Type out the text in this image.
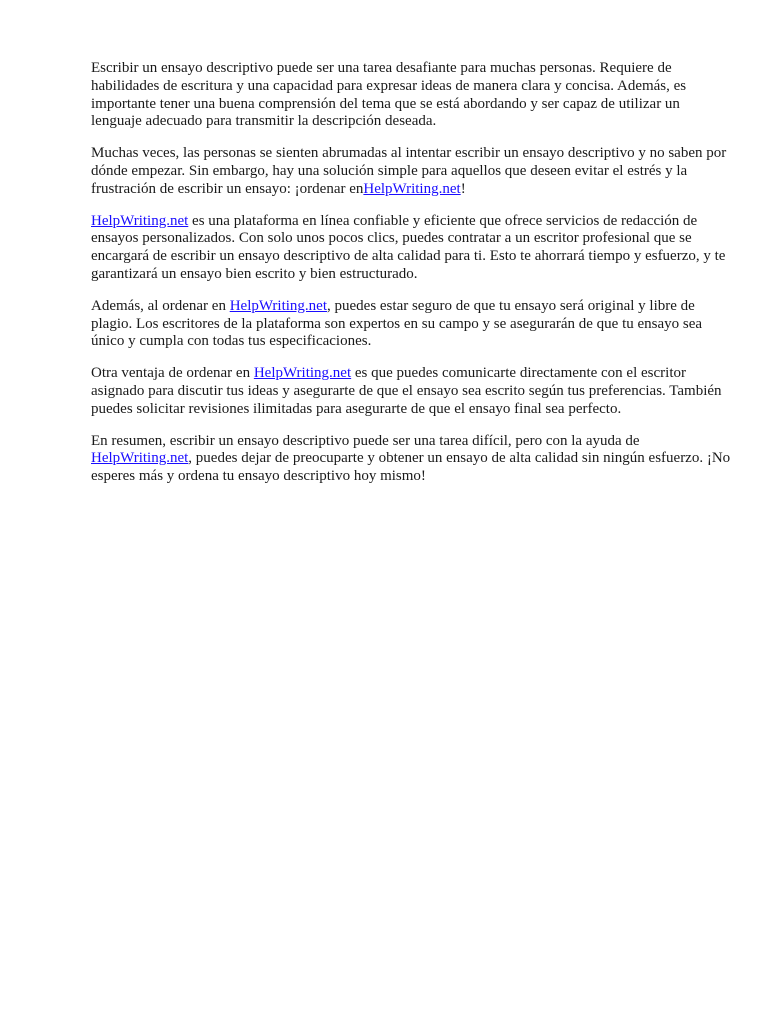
Escribir un ensayo descriptivo puede ser una tarea desafiante para muchas personas. Requiere de habilidades de escritura y una capacidad para expresar ideas de manera clara y concisa. Además, es importante tener una buena comprensión del tema que se está abordando y ser capaz de utilizar un lenguaje adecuado para transmitir la descripción deseada.

Muchas veces, las personas se sienten abrumadas al intentar escribir un ensayo descriptivo y no saben por dónde empezar. Sin embargo, hay una solución simple para aquellos que deseen evitar el estrés y la frustración de escribir un ensayo: ¡ordenar enHelpWriting.net!

HelpWriting.net es una plataforma en línea confiable y eficiente que ofrece servicios de redacción de ensayos personalizados. Con solo unos pocos clics, puedes contratar a un escritor profesional que se encargará de escribir un ensayo descriptivo de alta calidad para ti. Esto te ahorrará tiempo y esfuerzo, y te garantizará un ensayo bien escrito y bien estructurado.

Además, al ordenar en HelpWriting.net, puedes estar seguro de que tu ensayo será original y libre de plagio. Los escritores de la plataforma son expertos en su campo y se asegurarán de que tu ensayo sea único y cumpla con todas tus especificaciones.

Otra ventaja de ordenar en HelpWriting.net es que puedes comunicarte directamente con el escritor asignado para discutir tus ideas y asegurarte de que el ensayo sea escrito según tus preferencias. También puedes solicitar revisiones ilimitadas para asegurarte de que el ensayo final sea perfecto.

En resumen, escribir un ensayo descriptivo puede ser una tarea difícil, pero con la ayuda de HelpWriting.net, puedes dejar de preocuparte y obtener un ensayo de alta calidad sin ningún esfuerzo. ¡No esperes más y ordena tu ensayo descriptivo hoy mismo!
